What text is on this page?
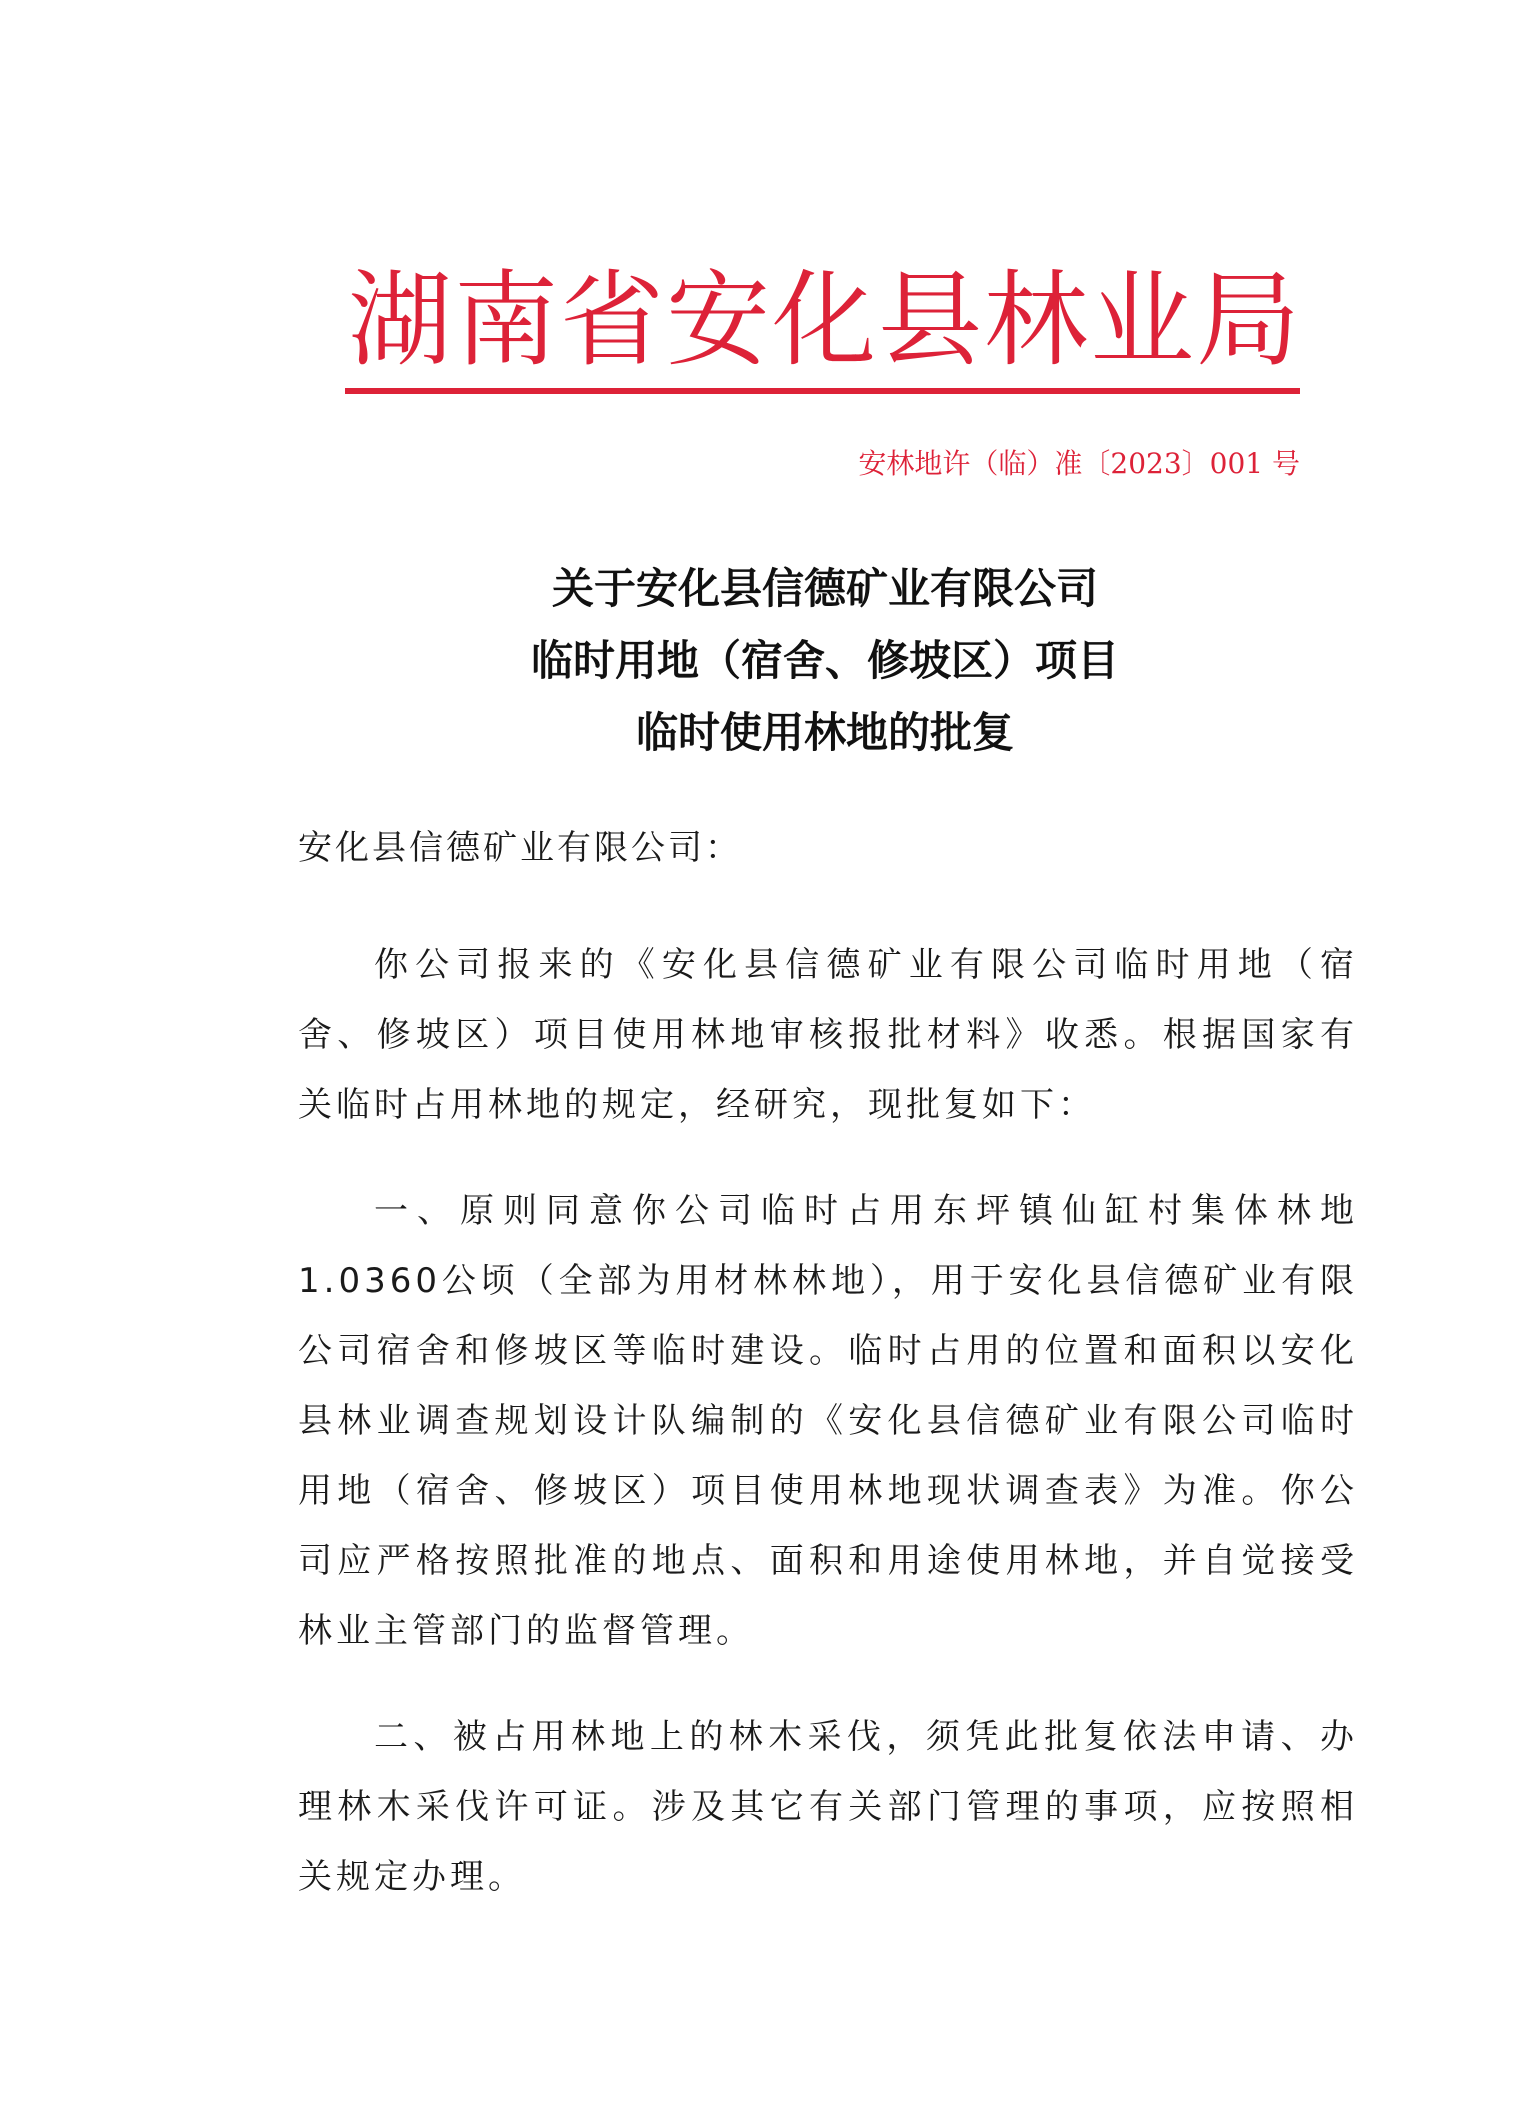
湖南省安化县林业局
安林地许（临）准〔2023〕001 号
关于安化县信德矿业有限公司
临时用地（宿舍、修坡区）项目
临时使用林地的批复
安化县信德矿业有限公司：

你公司报来的《安化县信德矿业有限公司临时用地（宿舍、修坡区）项目使用林地审核报批材料》收悉。根据国家有关临时占用林地的规定，经研究，现批复如下：

一、原则同意你公司临时占用东坪镇仙缸村集体林地1.0360公顷（全部为用材林林地），用于安化县信德矿业有限公司宿舍和修坡区等临时建设。临时占用的位置和面积以安化县林业调查规划设计队编制的《安化县信德矿业有限公司临时用地（宿舍、修坡区）项目使用林地现状调查表》为准。你公司应严格按照批准的地点、面积和用途使用林地，并自觉接受林业主管部门的监督管理。

二、被占用林地上的林木采伐，须凭此批复依法申请、办理林木采伐许可证。涉及其它有关部门管理的事项，应按照相关规定办理。
